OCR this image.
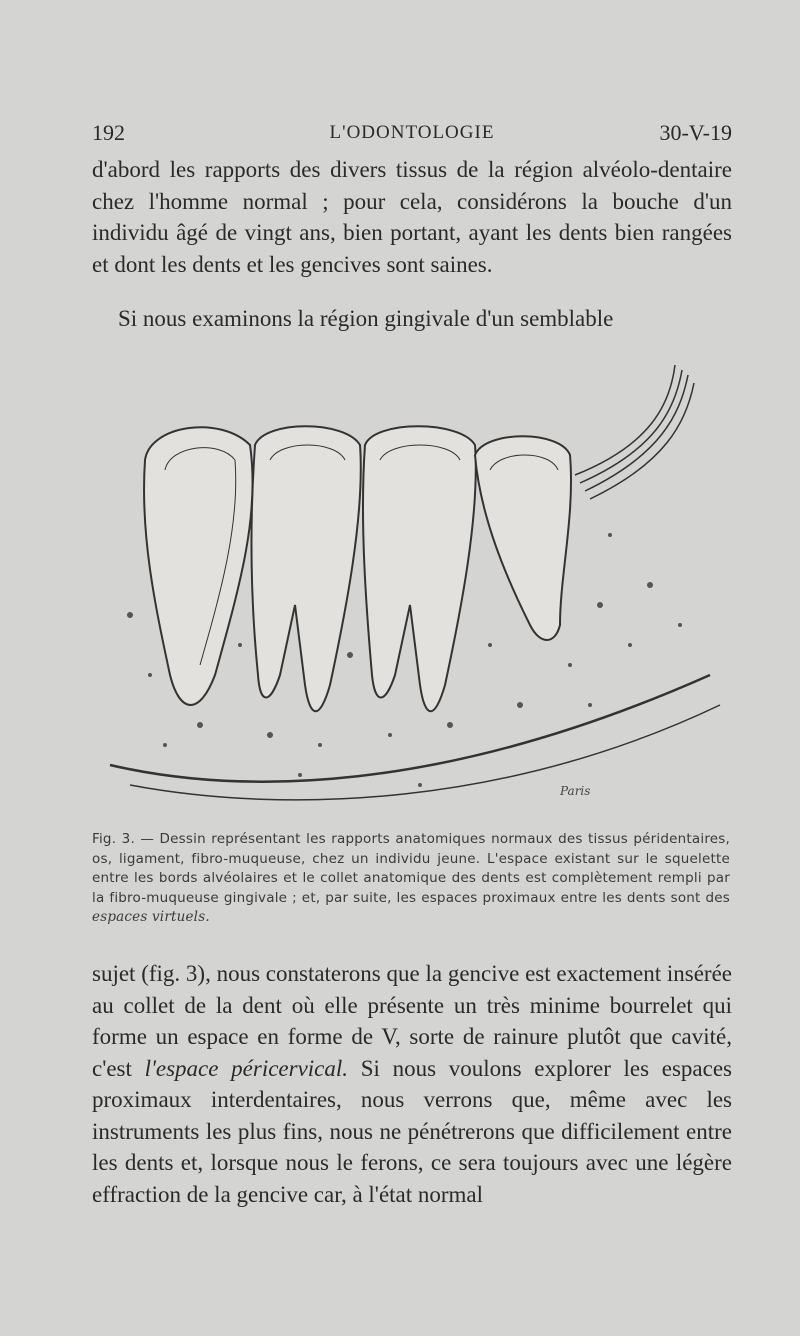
192	L'ODONTOLOGIE	30-V-19

d'abord les rapports des divers tissus de la région alvéolo-dentaire chez l'homme normal ; pour cela, considérons la bouche d'un individu âgé de vingt ans, bien portant, ayant les dents bien rangées et dont les dents et les gencives sont saines.

Si nous examinons la région gingivale d'un semblable

Paris

Fig. 3. — Dessin représentant les rapports anatomiques normaux des tissus péridentaires, os, ligament, fibro-muqueuse, chez un individu jeune. L'espace existant sur le squelette entre les bords alvéolaires et le collet anatomique des dents est complètement rempli par la fibro-muqueuse gingivale ; et, par suite, les espaces proximaux entre les dents sont des espaces virtuels.

sujet (fig. 3), nous constaterons que la gencive est exactement insérée au collet de la dent où elle présente un très minime bourrelet qui forme un espace en forme de V, sorte de rainure plutôt que cavité, c'est l'espace péricervical. Si nous voulons explorer les espaces proximaux interdentaires, nous verrons que, même avec les instruments les plus fins, nous ne pénétrerons que difficilement entre les dents et, lorsque nous le ferons, ce sera toujours avec une légère effraction de la gencive car, à l'état normal
